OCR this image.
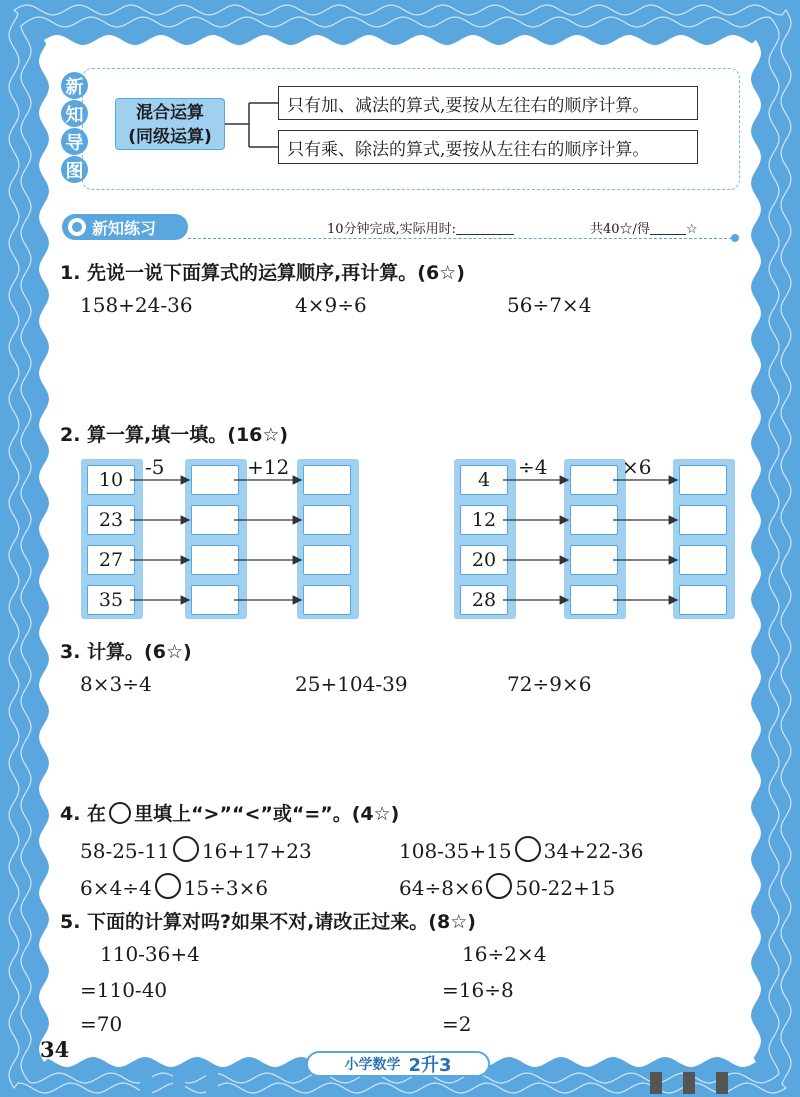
新
知
导
图
混合运算
(同级运算)
只有加、减法的算式,要按从左往右的顺序计算。
只有乘、除法的算式,要按从左往右的顺序计算。
新知练习	10分钟完成,实际用时:	共40☆/得	☆
1. 先说一说下面算式的运算顺序,再计算。(6☆)
158+24-36	4×9÷6	56÷7×4
2. 算一算,填一填。(16☆)
10
23
27
35
-5	+12
4
12
20
28
÷4	×6
3. 计算。(6☆)
8×3÷4	25+104-39	72÷9×6
4. 在 里填上“>”“<”或“=”。(4☆)
58-25-11 16+17+23	108-35+15 34+22-36
6×4÷4 15÷3×6	64÷8×6 50-22+15
5. 下面的计算对吗?如果不对,请改正过来。(8☆)
110-36+4
=110-40
=70
16÷2×4
=16÷8
=2
34
小学数学 2升3
